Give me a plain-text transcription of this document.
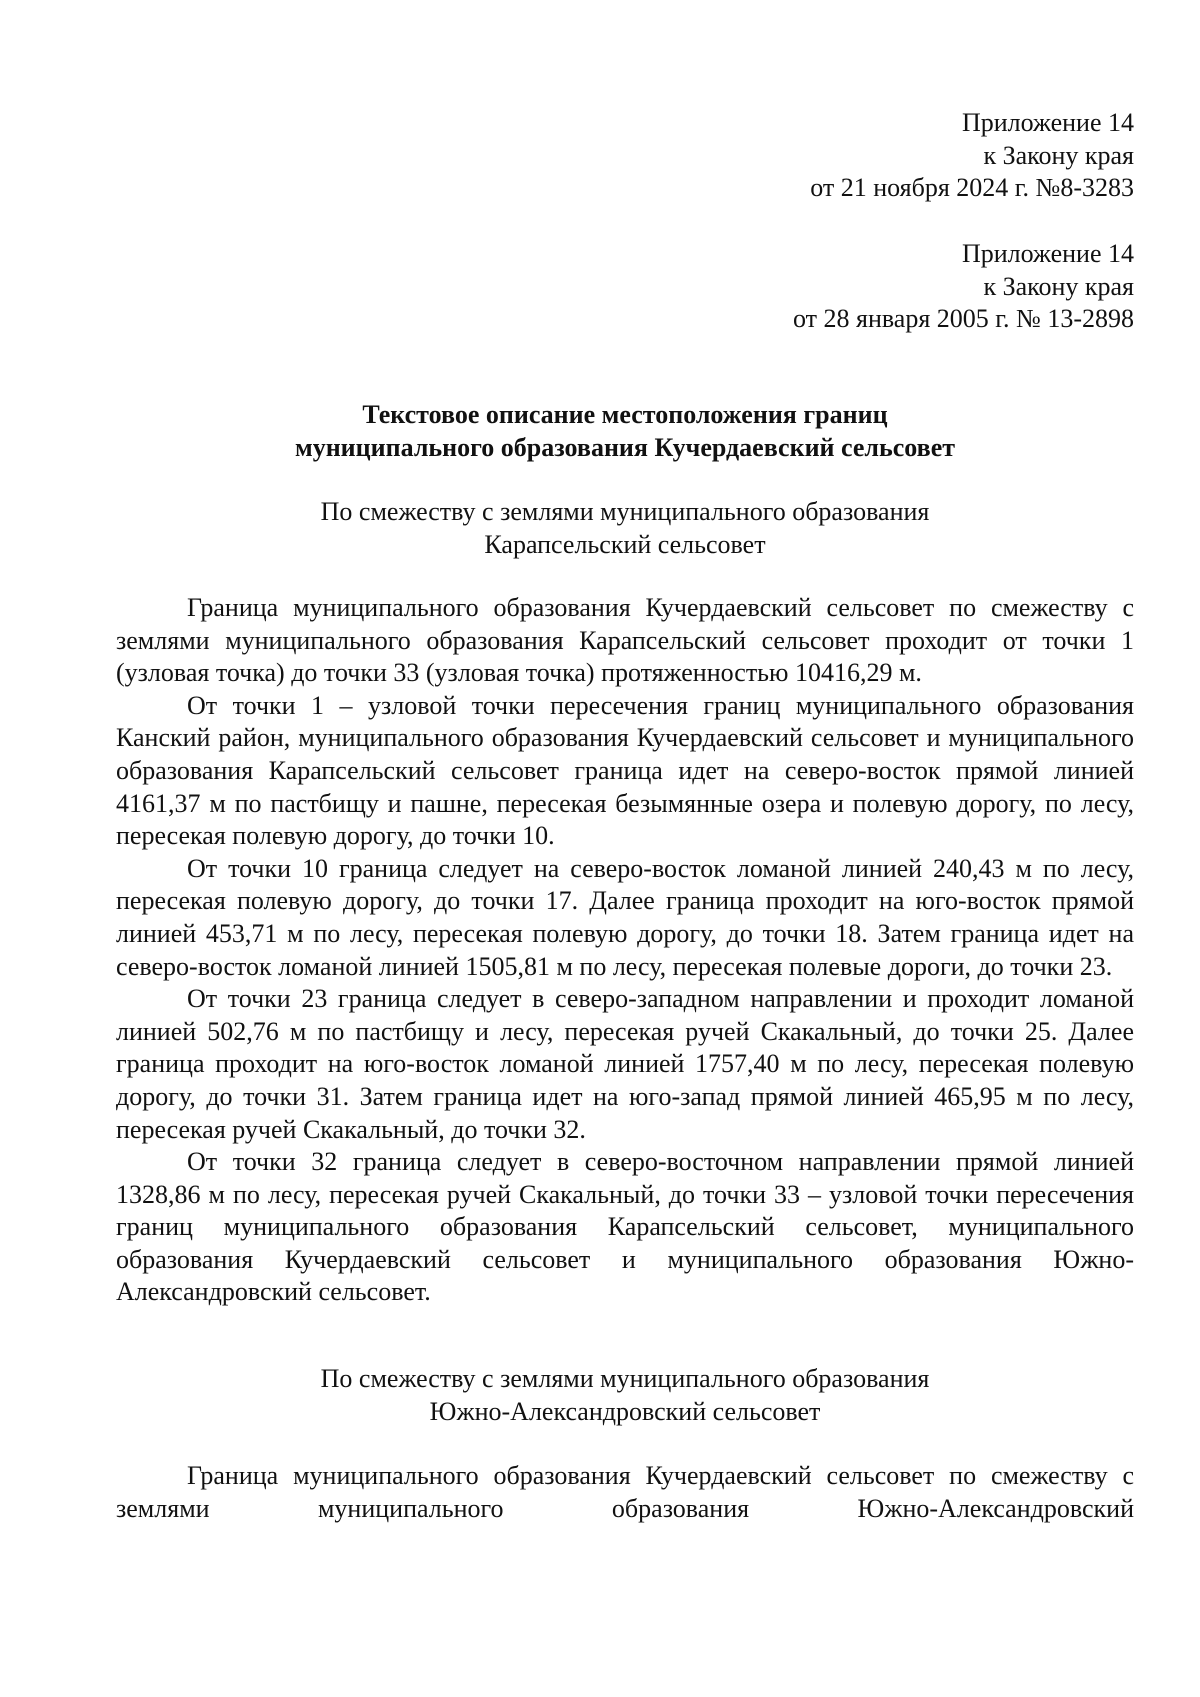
Приложение 14
к Закону края
от 21 ноября 2024 г. №8-3283
Приложение 14
к Закону края
от 28 января 2005 г. № 13-2898
Текстовое описание местоположения границ
муниципального образования Кучердаевский сельсовет
По смежеству с землями муниципального образования
Карапсельский сельсовет

Граница муниципального образования Кучердаевский сельсовет по смежеству с землями муниципального образования Карапсельский сельсовет проходит от точки 1 (узловая точка) до точки 33 (узловая точка) протяженностью 10416,29 м.

От точки 1 – узловой точки пересечения границ муниципального образования Канский район, муниципального образования Кучердаевский сельсовет и муниципального образования Карапсельский сельсовет граница идет на северо-восток прямой линией 4161,37 м по пастбищу и пашне, пересекая безымянные озера и полевую дорогу, по лесу, пересекая полевую дорогу, до точки 10.

От точки 10 граница следует на северо-восток ломаной линией 240,43 м по лесу, пересекая полевую дорогу, до точки 17. Далее граница проходит на юго-восток прямой линией 453,71 м по лесу, пересекая полевую дорогу, до точки 18. Затем граница идет на северо-восток ломаной линией 1505,81 м по лесу, пересекая полевые дороги, до точки 23.

От точки 23 граница следует в северо-западном направлении и проходит ломаной линией 502,76 м по пастбищу и лесу, пересекая ручей Скакальный, до точки 25. Далее граница проходит на юго-восток ломаной линией 1757,40 м по лесу, пересекая полевую дорогу, до точки 31. Затем граница идет на юго-запад прямой линией 465,95 м по лесу, пересекая ручей Скакальный, до точки 32.

От точки 32 граница следует в северо-восточном направлении прямой линией 1328,86 м по лесу, пересекая ручей Скакальный, до точки 33 – узловой точки пересечения границ муниципального образования Карапсельский сельсовет, муниципального образования Кучердаевский сельсовет и муниципального образования Южно-Александровский сельсовет.

По смежеству с землями муниципального образования
Южно-Александровский сельсовет

Граница муниципального образования Кучердаевский сельсовет по смежеству с землями муниципального образования Южно-Александровский
